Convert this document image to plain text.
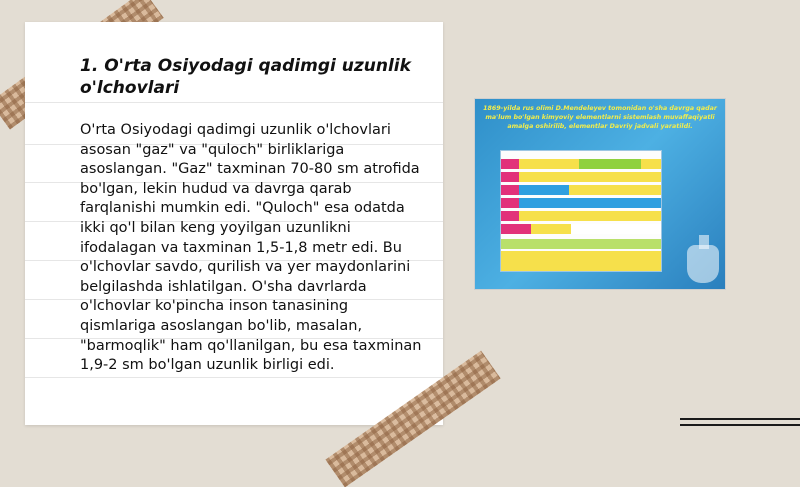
1. O'rta Osiyodagi qadimgi uzunlik o'lchovlari
O'rta Osiyodagi qadimgi uzunlik o'lchovlari asosan "gaz" va "quloch" birliklariga asoslangan. "Gaz" taxminan 70-80 sm atrofida bo'lgan, lekin hudud va davrga qarab farqlanishi mumkin edi. "Quloch" esa odatda ikki qo'l bilan keng yoyilgan uzunlikni ifodalagan va taxminan 1,5-1,8 metr edi. Bu o'lchovlar savdo, qurilish va yer maydonlarini belgilashda ishlatilgan. O'sha davrlarda o'lchovlar ko'pincha inson tanasining qismlariga asoslangan bo'lib, masalan, "barmoqlik" ham qo'llanilgan, bu esa taxminan 1,9-2 sm bo'lgan uzunlik birligi edi.
1869-yilda rus olimi D.Mendeleyev tomonidan o'sha davrga qadar ma'lum bo'lgan kimyoviy elementlarni sistemlash muvaffaqiyatli amalga oshirilib, elementlar Davriy jadvali yaratildi.
